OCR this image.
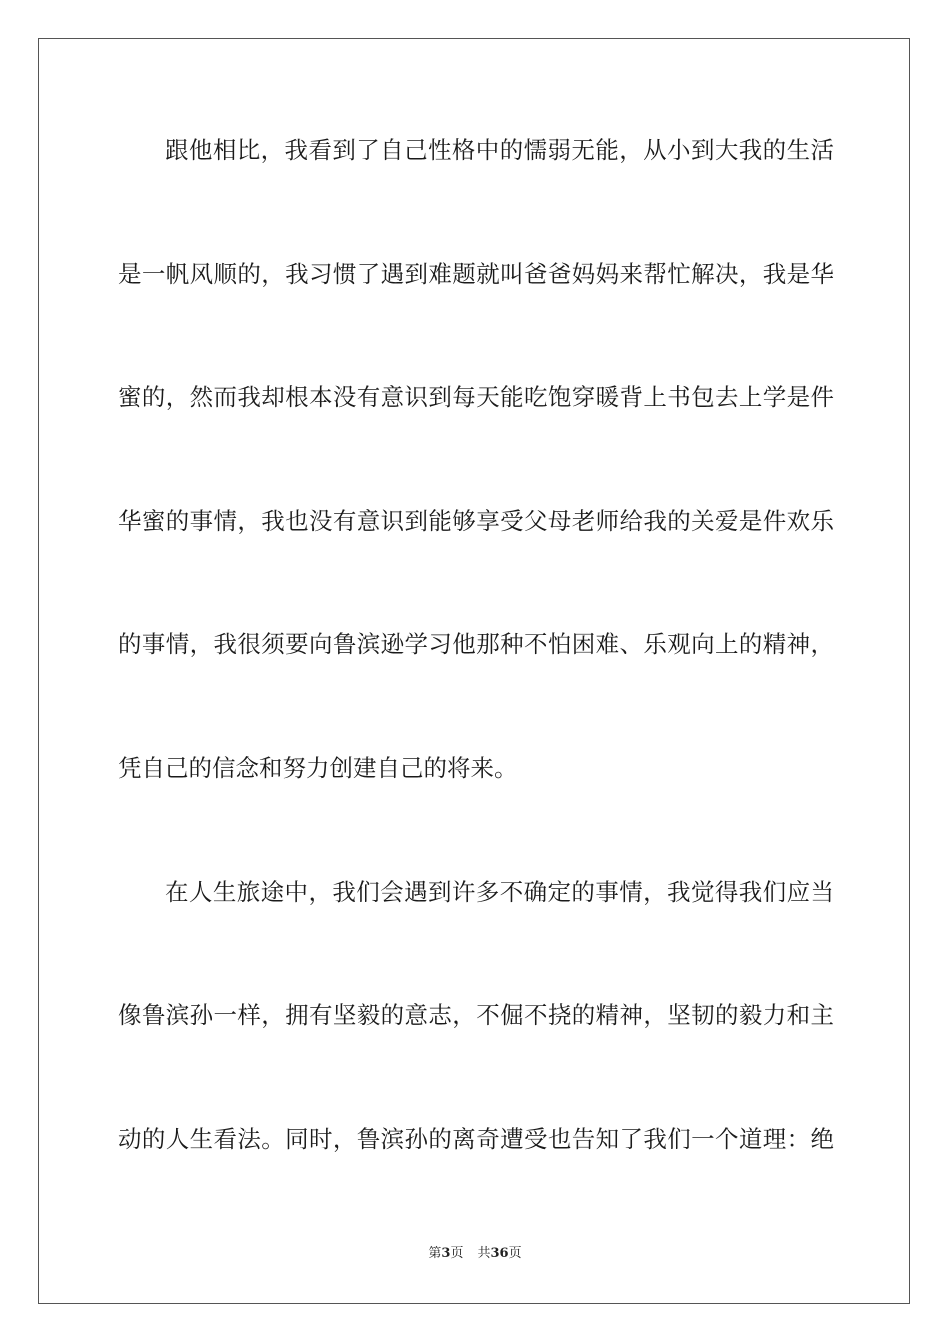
跟他相比，我看到了自己性格中的懦弱无能，从小到大我的生活
是一帆风顺的，我习惯了遇到难题就叫爸爸妈妈来帮忙解决，我是华
蜜的，然而我却根本没有意识到每天能吃饱穿暖背上书包去上学是件
华蜜的事情，我也没有意识到能够享受父母老师给我的关爱是件欢乐
的事情，我很须要向鲁滨逊学习他那种不怕困难、乐观向上的精神，
凭自己的信念和努力创建自己的将来。
在人生旅途中，我们会遇到许多不确定的事情，我觉得我们应当
像鲁滨孙一样，拥有坚毅的意志，不倔不挠的精神，坚韧的毅力和主
动的人生看法。同时，鲁滨孙的离奇遭受也告知了我们一个道理：绝
第3页 共36页
